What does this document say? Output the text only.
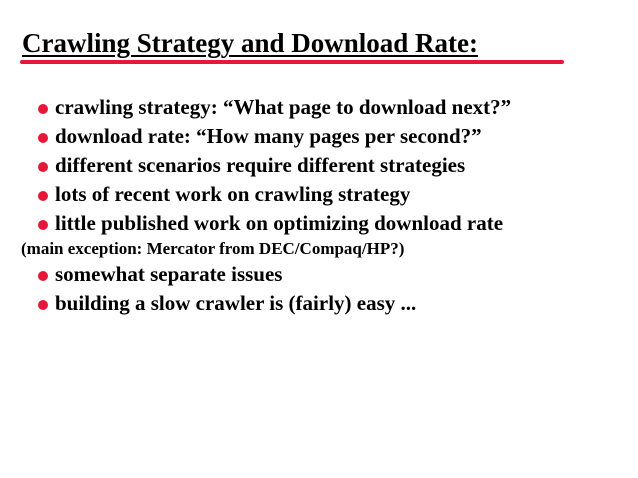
Crawling Strategy and Download Rate:
crawling strategy: “What page to download next?”
download rate: “How many pages per second?”
different scenarios require different strategies
lots of recent work on crawling strategy
little published work on optimizing download rate
(main exception: Mercator from DEC/Compaq/HP?)
somewhat separate issues
building a slow crawler is (fairly) easy ...
